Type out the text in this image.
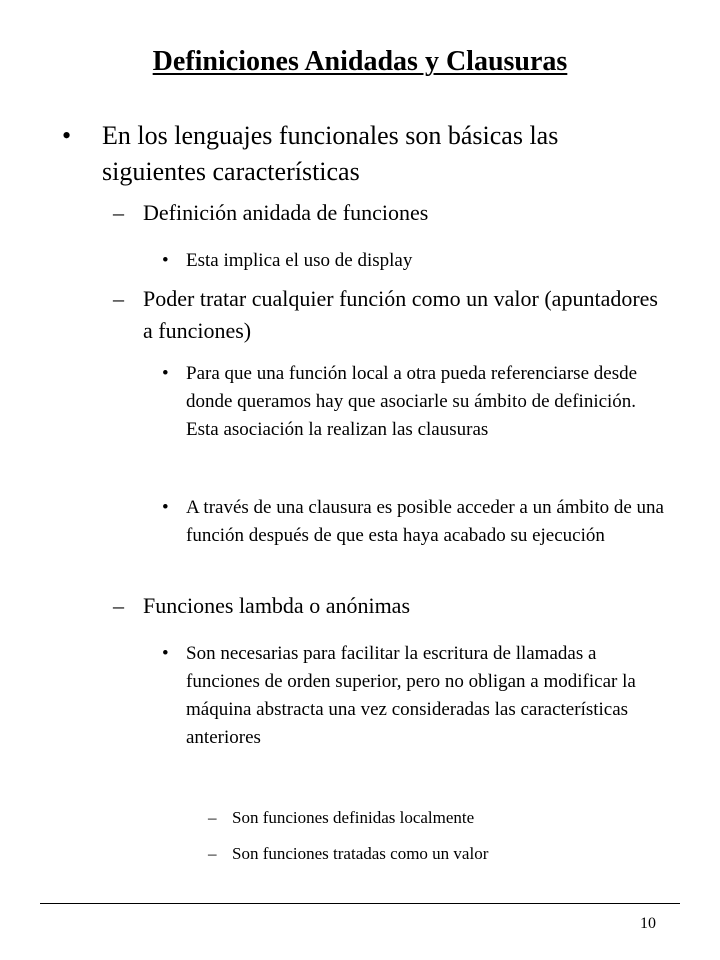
Definiciones Anidadas y Clausuras
• En los lenguajes funcionales son básicas las siguientes características
– Definición anidada de funciones
• Esta implica el uso de display
– Poder tratar cualquier función como un valor (apuntadores a funciones)
• Para que una función local a otra pueda referenciarse desde donde queramos hay que asociarle su ámbito de definición. Esta asociación la realizan las clausuras
• A través de una clausura es posible acceder a un ámbito de una función después de que esta haya acabado su ejecución
– Funciones lambda o anónimas
• Son necesarias para facilitar la escritura de llamadas a funciones de orden superior, pero no obligan a modificar la máquina abstracta una vez consideradas las características anteriores
– Son funciones definidas localmente
– Son funciones tratadas como un valor
10
